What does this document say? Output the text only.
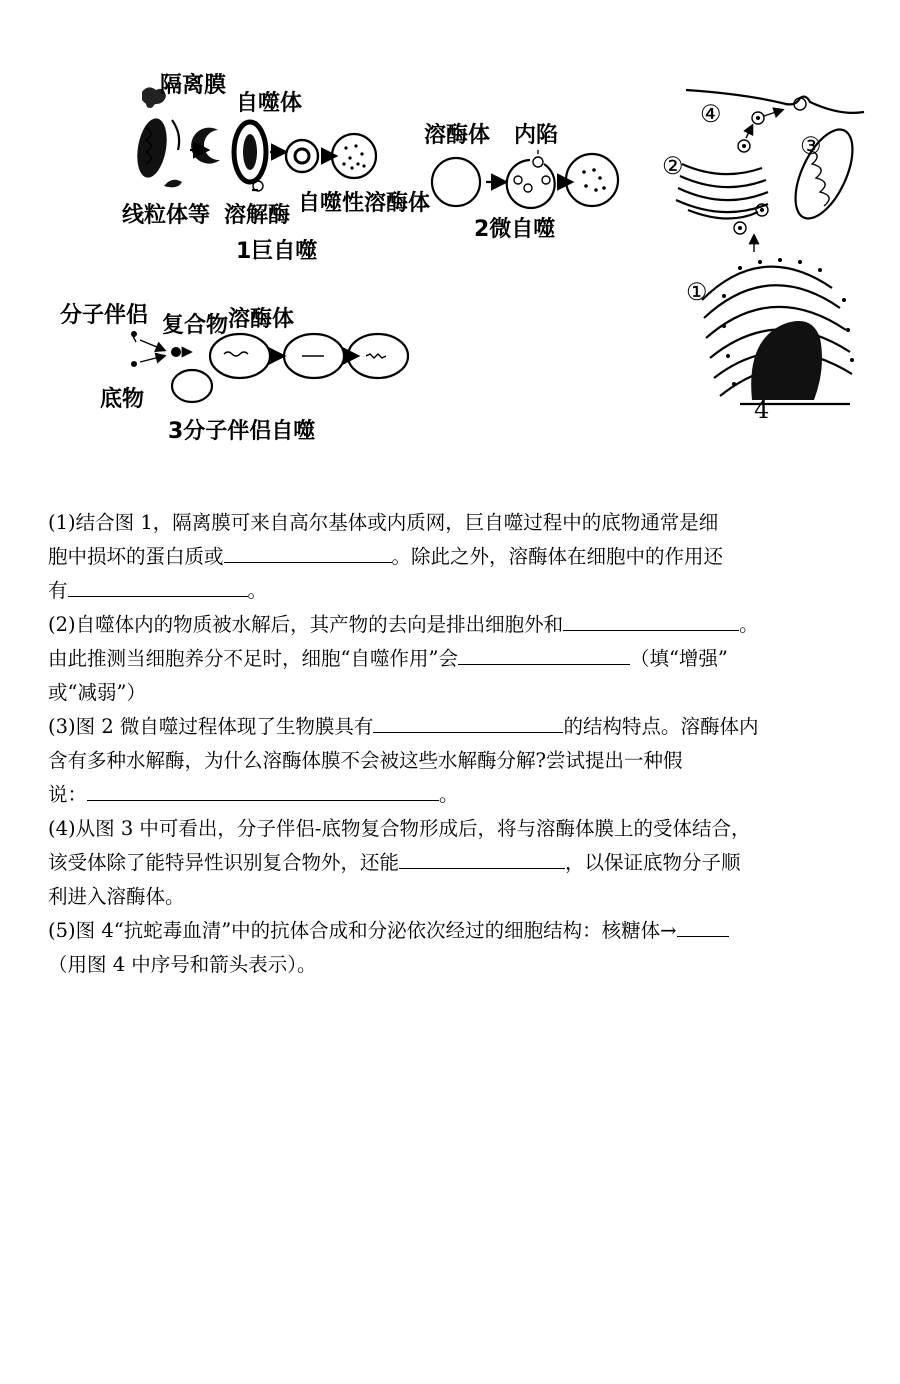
隔离膜
自噬体
线粒体等 溶解酶 自噬性溶酶体
1巨自噬
溶酶体 内陷
2微自噬
分子伴侣 复合物 溶酶体
底物
3分子伴侣自噬
④
③
②
①
4

(1)结合图 1，隔离膜可来自高尔基体或内质网，巨自噬过程中的底物通常是细
胞中损坏的蛋白质或	。除此之外，溶酶体在细胞中的作用还
有	。

(2)自噬体内的物质被水解后，其产物的去向是排出细胞外和	。
由此推测当细胞养分不足时，细胞“自噬作用”会	（填“增强”
或“减弱”）

(3)图 2 微自噬过程体现了生物膜具有	的结构特点。溶酶体内
含有多种水解酶，为什么溶酶体膜不会被这些水解酶分解?尝试提出一种假
说：	。

(4)从图 3 中可看出，分子伴侣-底物复合物形成后，将与溶酶体膜上的受体结合，
该受体除了能特异性识别复合物外，还能	，以保证底物分子顺
利进入溶酶体。

(5)图 4“抗蛇毒血清”中的抗体合成和分泌依次经过的细胞结构：核糖体→
（用图 4 中序号和箭头表示）。
